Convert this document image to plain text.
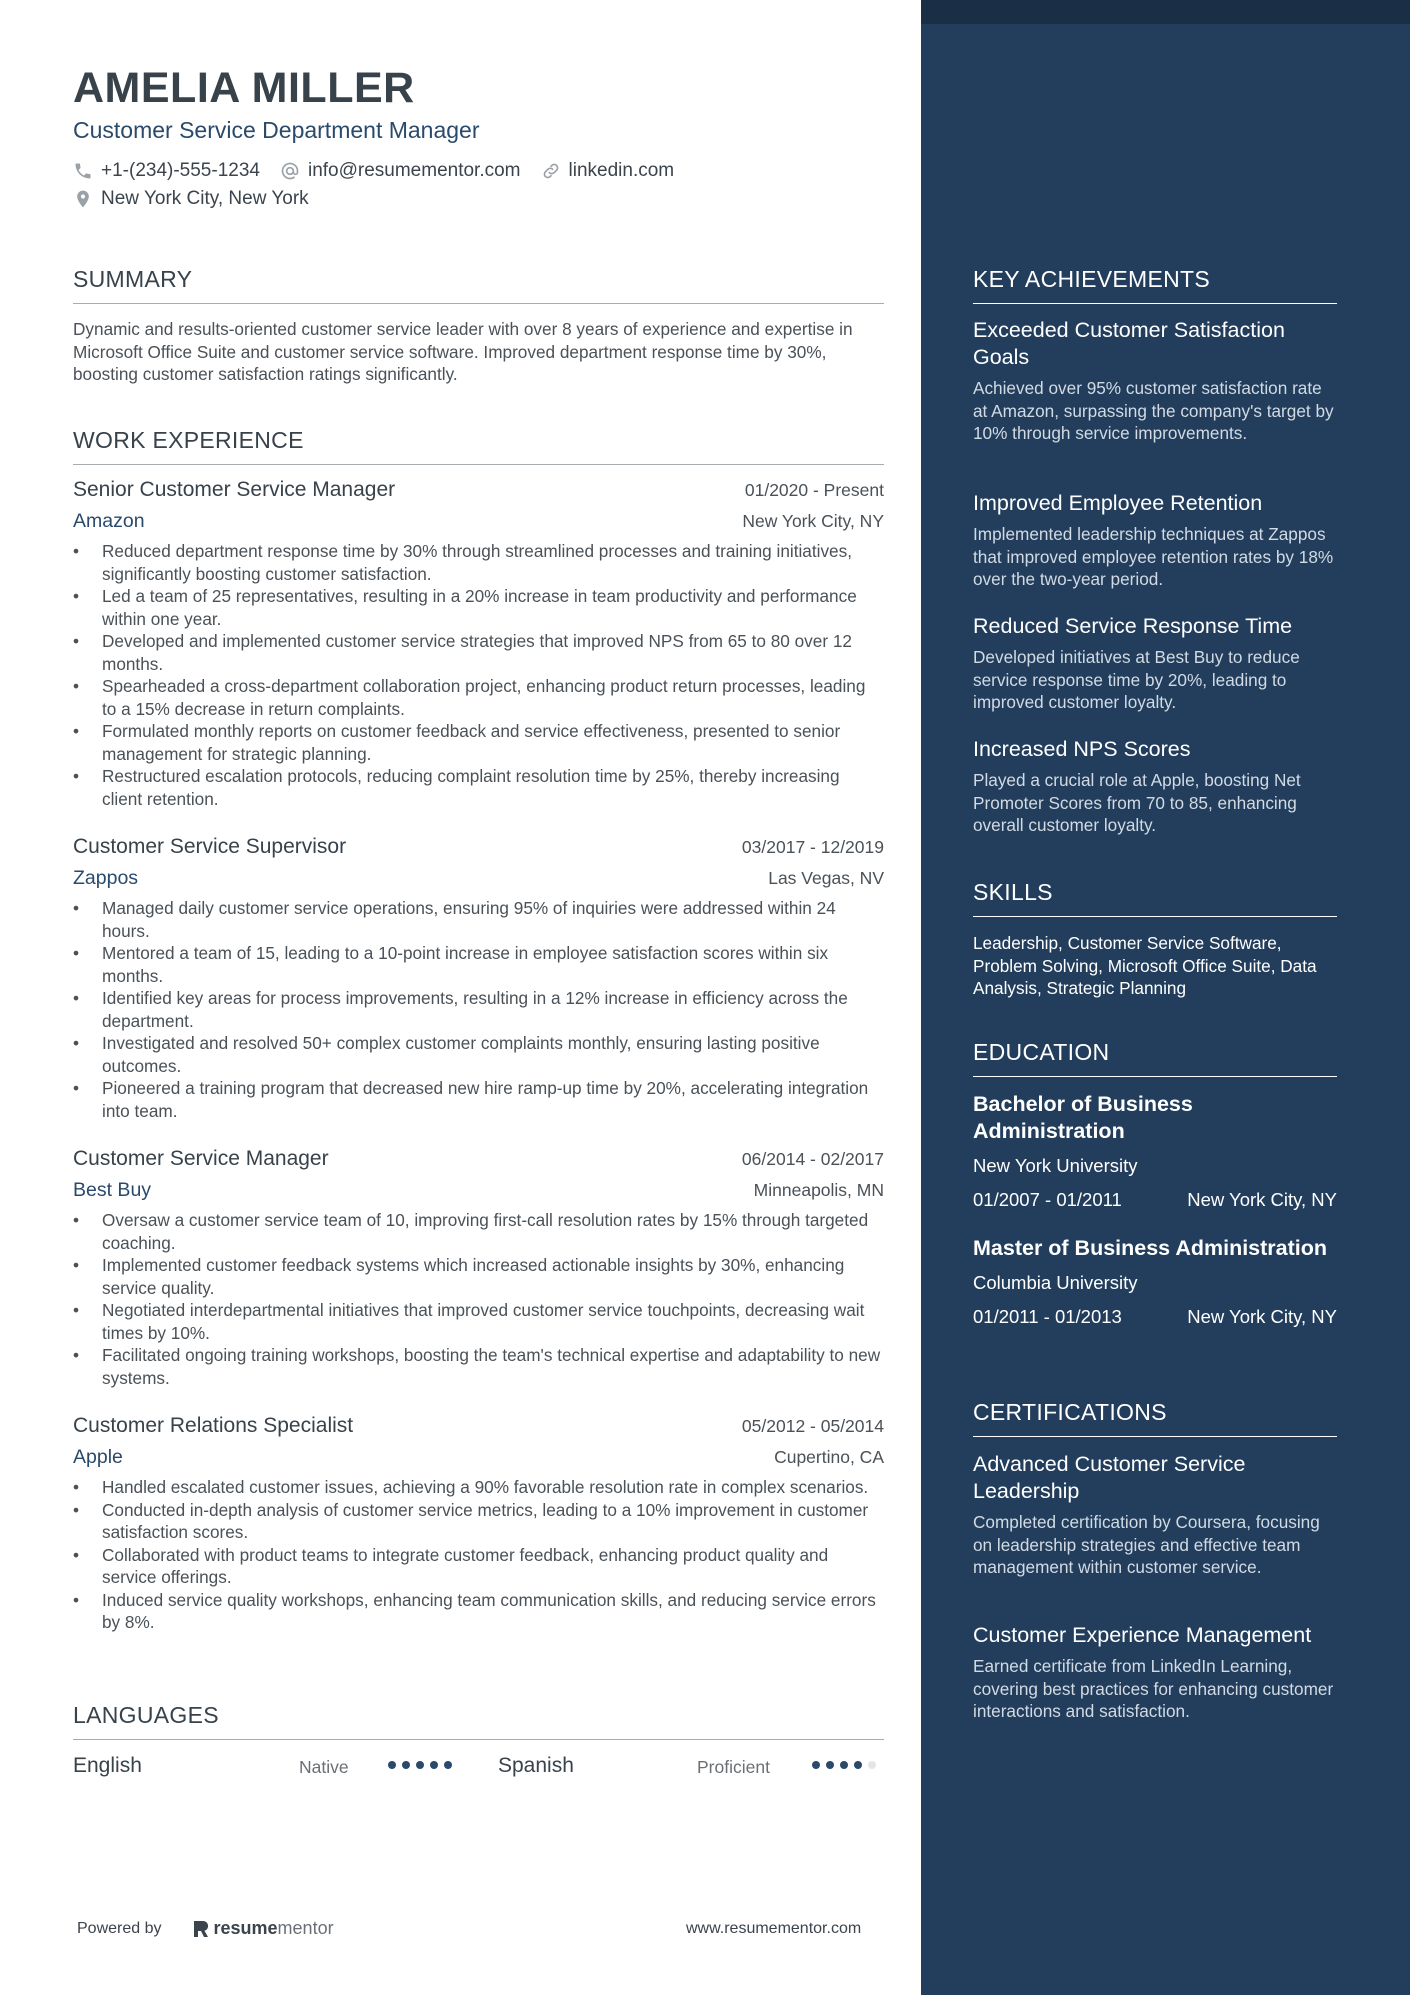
AMELIA MILLER
Customer Service Department Manager
+1-(234)-555-1234	info@resumementor.com	linkedin.com
New York City, New York
SUMMARY
Dynamic and results-oriented customer service leader with over 8 years of experience and expertise in Microsoft Office Suite and customer service software. Improved department response time by 30%, boosting customer satisfaction ratings significantly.
WORK EXPERIENCE
Senior Customer Service Manager	01/2020 - Present
Amazon	New York City, NY
• Reduced department response time by 30% through streamlined processes and training initiatives, significantly boosting customer satisfaction.
• Led a team of 25 representatives, resulting in a 20% increase in team productivity and performance within one year.
• Developed and implemented customer service strategies that improved NPS from 65 to 80 over 12 months.
• Spearheaded a cross-department collaboration project, enhancing product return processes, leading to a 15% decrease in return complaints.
• Formulated monthly reports on customer feedback and service effectiveness, presented to senior management for strategic planning.
• Restructured escalation protocols, reducing complaint resolution time by 25%, thereby increasing client retention.
Customer Service Supervisor	03/2017 - 12/2019
Zappos	Las Vegas, NV
• Managed daily customer service operations, ensuring 95% of inquiries were addressed within 24 hours.
• Mentored a team of 15, leading to a 10-point increase in employee satisfaction scores within six months.
• Identified key areas for process improvements, resulting in a 12% increase in efficiency across the department.
• Investigated and resolved 50+ complex customer complaints monthly, ensuring lasting positive outcomes.
• Pioneered a training program that decreased new hire ramp-up time by 20%, accelerating integration into team.
Customer Service Manager	06/2014 - 02/2017
Best Buy	Minneapolis, MN
• Oversaw a customer service team of 10, improving first-call resolution rates by 15% through targeted coaching.
• Implemented customer feedback systems which increased actionable insights by 30%, enhancing service quality.
• Negotiated interdepartmental initiatives that improved customer service touchpoints, decreasing wait times by 10%.
• Facilitated ongoing training workshops, boosting the team's technical expertise and adaptability to new systems.
Customer Relations Specialist	05/2012 - 05/2014
Apple	Cupertino, CA
• Handled escalated customer issues, achieving a 90% favorable resolution rate in complex scenarios.
• Conducted in-depth analysis of customer service metrics, leading to a 10% improvement in customer satisfaction scores.
• Collaborated with product teams to integrate customer feedback, enhancing product quality and service offerings.
• Induced service quality workshops, enhancing team communication skills, and reducing service errors by 8%.
LANGUAGES
English	Native	Spanish	Proficient
Powered by	resume mentor	www.resumementor.com
KEY ACHIEVEMENTS
Exceeded Customer Satisfaction Goals
Achieved over 95% customer satisfaction rate at Amazon, surpassing the company's target by 10% through service improvements.
Improved Employee Retention
Implemented leadership techniques at Zappos that improved employee retention rates by 18% over the two-year period.
Reduced Service Response Time
Developed initiatives at Best Buy to reduce service response time by 20%, leading to improved customer loyalty.
Increased NPS Scores
Played a crucial role at Apple, boosting Net Promoter Scores from 70 to 85, enhancing overall customer loyalty.
SKILLS
Leadership, Customer Service Software, Problem Solving, Microsoft Office Suite, Data Analysis, Strategic Planning
EDUCATION
Bachelor of Business Administration
New York University
01/2007 - 01/2011	New York City, NY
Master of Business Administration
Columbia University
01/2011 - 01/2013	New York City, NY
CERTIFICATIONS
Advanced Customer Service Leadership
Completed certification by Coursera, focusing on leadership strategies and effective team management within customer service.
Customer Experience Management
Earned certificate from LinkedIn Learning, covering best practices for enhancing customer interactions and satisfaction.
